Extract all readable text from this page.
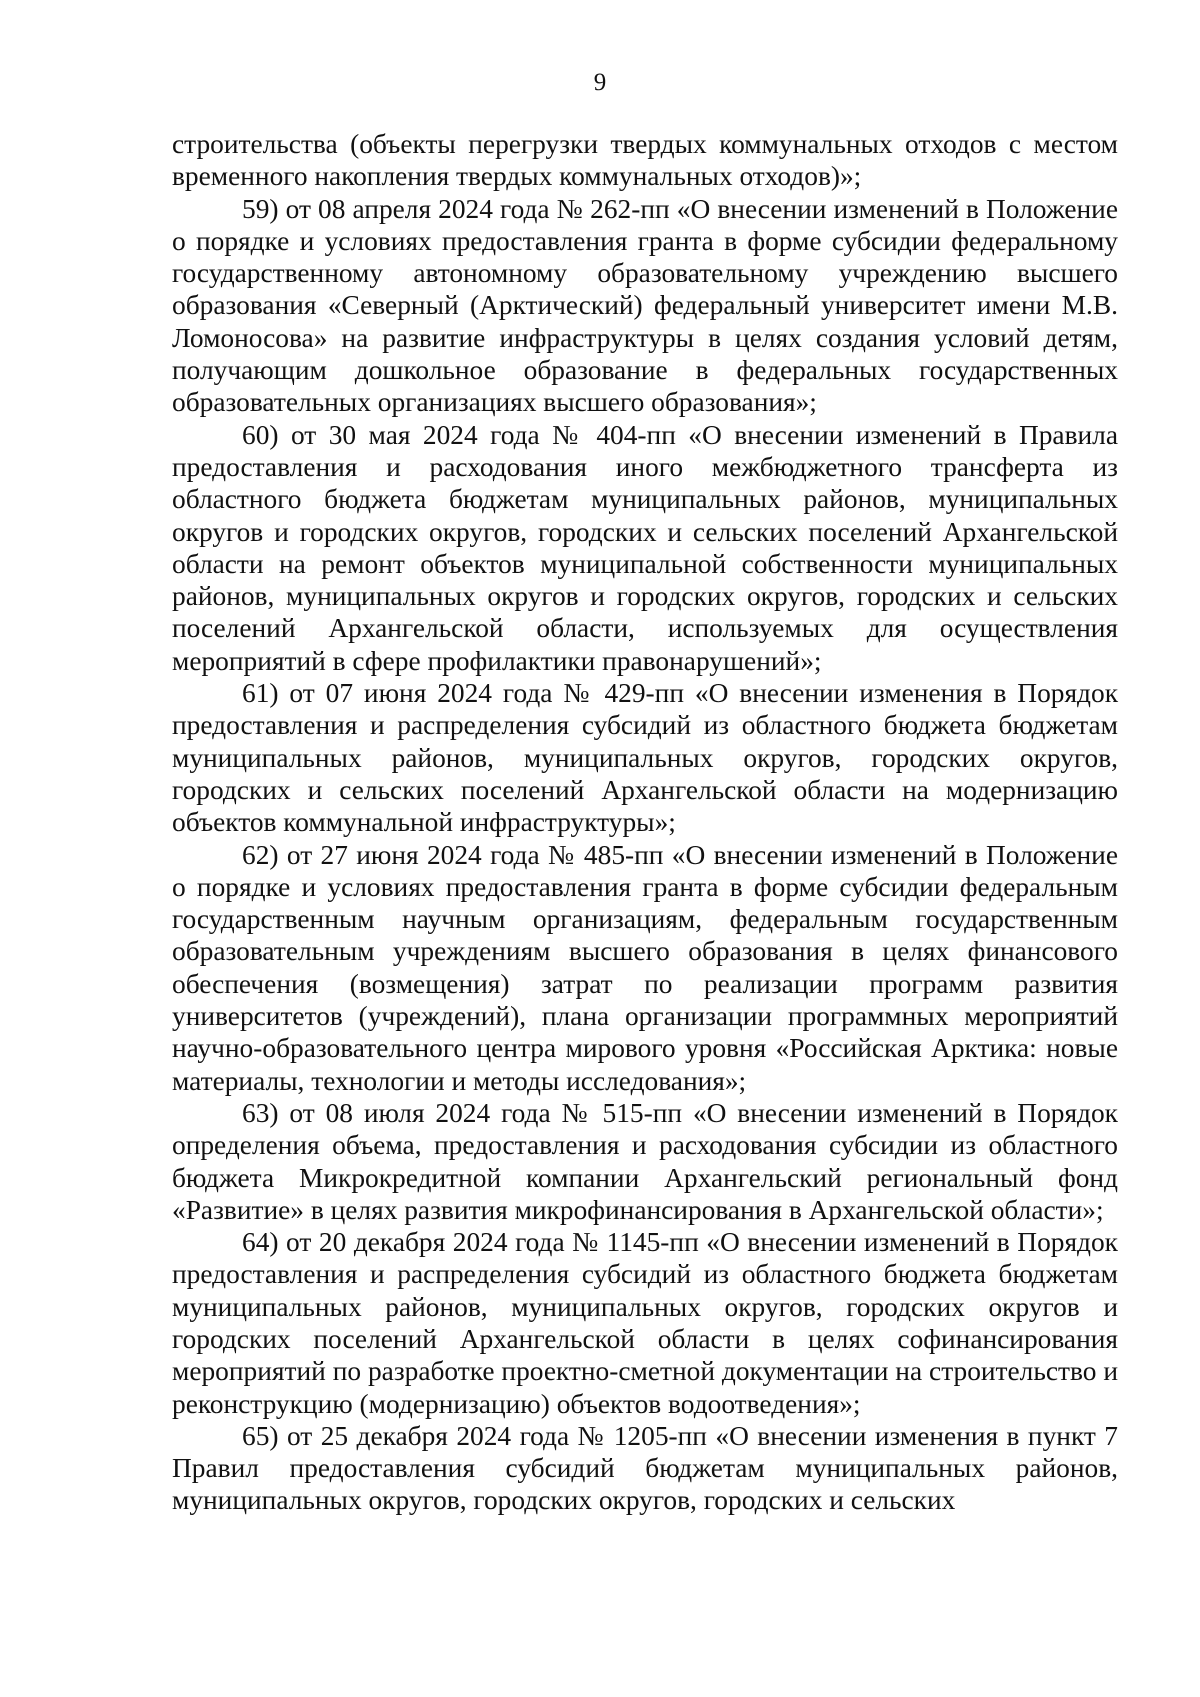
9

строительства (объекты перегрузки твердых коммунальных отходов с местом временного накопления твердых коммунальных отходов)»;

59) от 08 апреля 2024 года № 262-пп «О внесении изменений в Положение о порядке и условиях предоставления гранта в форме субсидии федеральному государственному автономному образовательному учреждению высшего образования «Северный (Арктический) федеральный университет имени М.В. Ломоносова» на развитие инфраструктуры в целях создания условий детям, получающим дошкольное образование в федеральных государственных образовательных организациях высшего образования»;

60) от 30 мая 2024 года № 404-пп «О внесении изменений в Правила предоставления и расходования иного межбюджетного трансферта из областного бюджета бюджетам муниципальных районов, муниципальных округов и городских округов, городских и сельских поселений Архангельской области на ремонт объектов муниципальной собственности муниципальных районов, муниципальных округов и городских округов, городских и сельских поселений Архангельской области, используемых для осуществления мероприятий в сфере профилактики правонарушений»;

61) от 07 июня 2024 года № 429-пп «О внесении изменения в Порядок предоставления и распределения субсидий из областного бюджета бюджетам муниципальных районов, муниципальных округов, городских округов, городских и сельских поселений Архангельской области на модернизацию объектов коммунальной инфраструктуры»;

62) от 27 июня 2024 года № 485-пп «О внесении изменений в Положение о порядке и условиях предоставления гранта в форме субсидии федеральным государственным научным организациям, федеральным государственным образовательным учреждениям высшего образования в целях финансового обеспечения (возмещения) затрат по реализации программ развития университетов (учреждений), плана организации программных мероприятий научно-образовательного центра мирового уровня «Российская Арктика: новые материалы, технологии и методы исследования»;

63) от 08 июля 2024 года № 515-пп «О внесении изменений в Порядок определения объема, предоставления и расходования субсидии из областного бюджета Микрокредитной компании Архангельский региональный фонд «Развитие» в целях развития микрофинансирования в Архангельской области»;

64) от 20 декабря 2024 года № 1145-пп «О внесении изменений в Порядок предоставления и распределения субсидий из областного бюджета бюджетам муниципальных районов, муниципальных округов, городских округов и городских поселений Архангельской области в целях софинансирования мероприятий по разработке проектно-сметной документации на строительство и реконструкцию (модернизацию) объектов водоотведения»;

65) от 25 декабря 2024 года № 1205-пп «О внесении изменения в пункт 7 Правил предоставления субсидий бюджетам муниципальных районов, муниципальных округов, городских округов, городских и сельских
